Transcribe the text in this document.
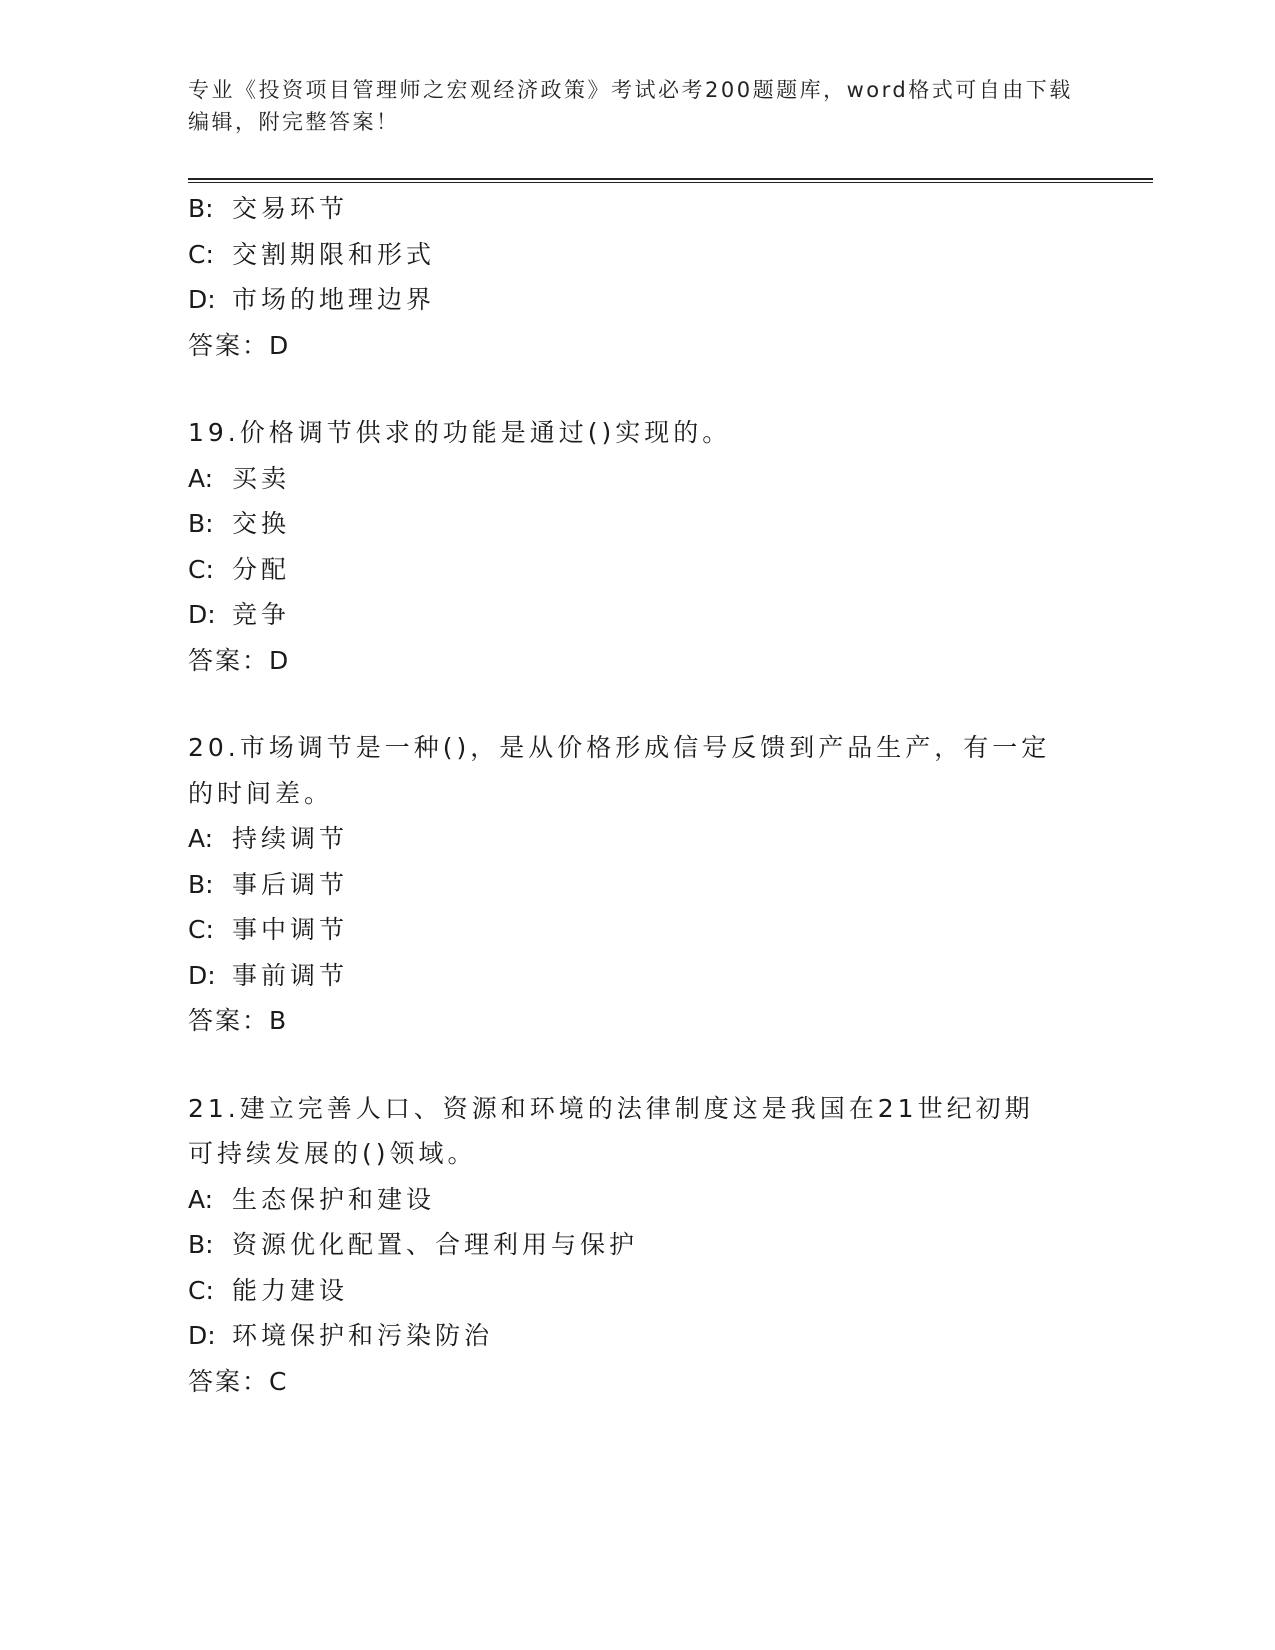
专业《投资项目管理师之宏观经济政策》考试必考200题题库，word格式可自由下载编辑，附完整答案！
B: 交易环节
C: 交割期限和形式
D: 市场的地理边界
答案：D
19.价格调节供求的功能是通过()实现的。
A: 买卖
B: 交换
C: 分配
D: 竞争
答案：D
20.市场调节是一种()，是从价格形成信号反馈到产品生产，有一定的时间差。
A: 持续调节
B: 事后调节
C: 事中调节
D: 事前调节
答案：B
21.建立完善人口、资源和环境的法律制度这是我国在21世纪初期可持续发展的()领域。
A: 生态保护和建设
B: 资源优化配置、合理利用与保护
C: 能力建设
D: 环境保护和污染防治
答案：C
